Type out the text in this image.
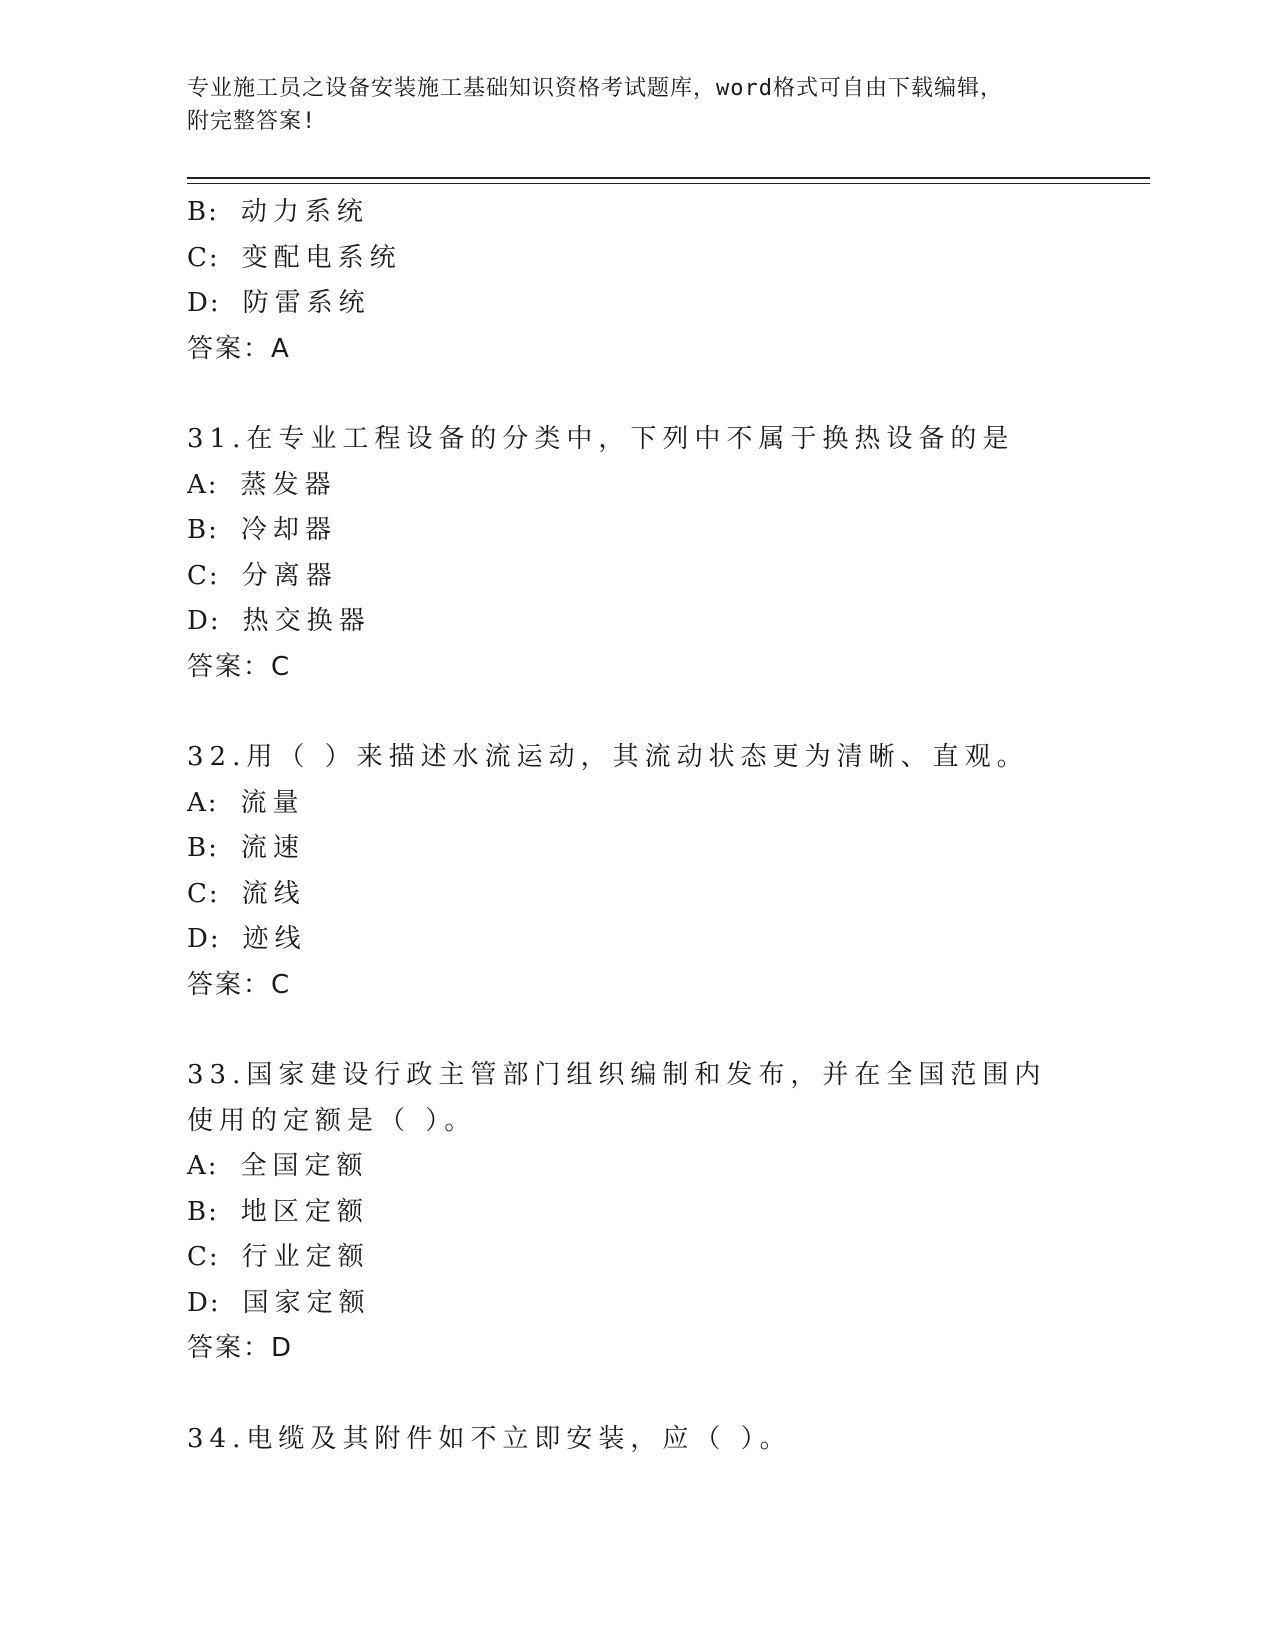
专业施工员之设备安装施工基础知识资格考试题库，word格式可自由下载编辑，
附完整答案!
B: 动力系统
C: 变配电系统
D: 防雷系统
答案：A
31.在专业工程设备的分类中，下列中不属于换热设备的是
A: 蒸发器
B: 冷却器
C: 分离器
D: 热交换器
答案：C
32.用（ ）来描述水流运动，其流动状态更为清晰、直观。
A: 流量
B: 流速
C: 流线
D: 迹线
答案：C
33.国家建设行政主管部门组织编制和发布，并在全国范围内使用的定额是（ ）。
A: 全国定额
B: 地区定额
C: 行业定额
D: 国家定额
答案：D
34.电缆及其附件如不立即安装，应（ ）。
